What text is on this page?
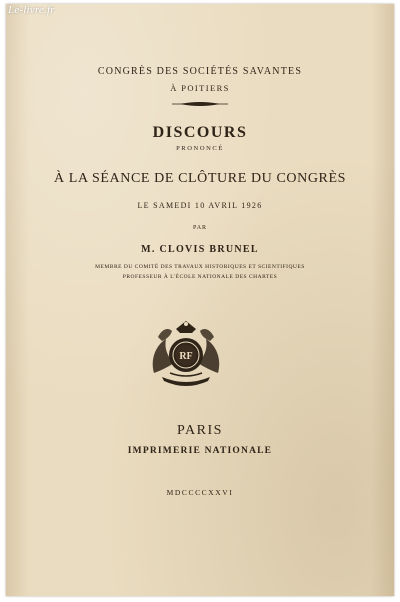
Le-livre.fr
CONGRÈS DES SOCIÉTÉS SAVANTES
À POITIERS
DISCOURS
PRONONCÉ
À LA SÉANCE DE CLÔTURE DU CONGRÈS
LE SAMEDI 10 AVRIL 1926
PAR
M. CLOVIS BRUNEL
MEMBRE DU COMITÉ DES TRAVAUX HISTORIQUES ET SCIENTIFIQUES
PROFESSEUR À L'ÉCOLE NATIONALE DES CHARTES
RF
PARIS
IMPRIMERIE NATIONALE
MDCCCCXXVI
